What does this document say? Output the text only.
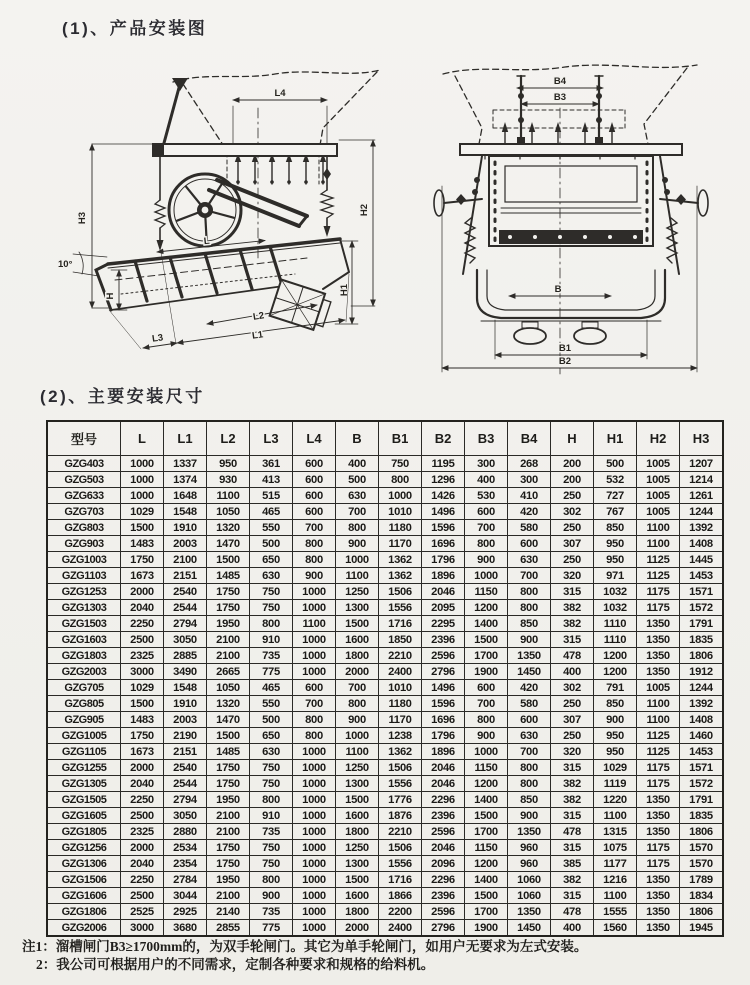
(1)、产品安装图
L4
H3
10°
H
H2
H1
L
L2
L3	L1
B4
B3
B
B1
B2
(2)、主要安装尺寸
型号	L	L1	L2	L3	L4	B	B1	B2	B3	B4	H	H1	H2	H3
GZG403	1000	1337	950	361	600	400	750	1195	300	268	200	500	1005	1207
GZG503	1000	1374	930	413	600	500	800	1296	400	300	200	532	1005	1214
GZG633	1000	1648	1100	515	600	630	1000	1426	530	410	250	727	1005	1261
GZG703	1029	1548	1050	465	600	700	1010	1496	600	420	302	767	1005	1244
GZG803	1500	1910	1320	550	700	800	1180	1596	700	580	250	850	1100	1392
GZG903	1483	2003	1470	500	800	900	1170	1696	800	600	307	950	1100	1408
GZG1003	1750	2100	1500	650	800	1000	1362	1796	900	630	250	950	1125	1445
GZG1103	1673	2151	1485	630	900	1100	1362	1896	1000	700	320	971	1125	1453
GZG1253	2000	2540	1750	750	1000	1250	1506	2046	1150	800	315	1032	1175	1571
GZG1303	2040	2544	1750	750	1000	1300	1556	2095	1200	800	382	1032	1175	1572
GZG1503	2250	2794	1950	800	1100	1500	1716	2295	1400	850	382	1110	1350	1791
GZG1603	2500	3050	2100	910	1000	1600	1850	2396	1500	900	315	1110	1350	1835
GZG1803	2325	2885	2100	735	1000	1800	2210	2596	1700	1350	478	1200	1350	1806
GZG2003	3000	3490	2665	775	1000	2000	2400	2796	1900	1450	400	1200	1350	1912
GZG705	1029	1548	1050	465	600	700	1010	1496	600	420	302	791	1005	1244
GZG805	1500	1910	1320	550	700	800	1180	1596	700	580	250	850	1100	1392
GZG905	1483	2003	1470	500	800	900	1170	1696	800	600	307	900	1100	1408
GZG1005	1750	2190	1500	650	800	1000	1238	1796	900	630	250	950	1125	1460
GZG1105	1673	2151	1485	630	1000	1100	1362	1896	1000	700	320	950	1125	1453
GZG1255	2000	2540	1750	750	1000	1250	1506	2046	1150	800	315	1029	1175	1571
GZG1305	2040	2544	1750	750	1000	1300	1556	2046	1200	800	382	1119	1175	1572
GZG1505	2250	2794	1950	800	1000	1500	1776	2296	1400	850	382	1220	1350	1791
GZG1605	2500	3050	2100	910	1000	1600	1876	2396	1500	900	315	1100	1350	1835
GZG1805	2325	2880	2100	735	1000	1800	2210	2596	1700	1350	478	1315	1350	1806
GZG1256	2000	2534	1750	750	1000	1250	1506	2046	1150	960	315	1075	1175	1570
GZG1306	2040	2354	1750	750	1000	1300	1556	2096	1200	960	385	1177	1175	1570
GZG1506	2250	2784	1950	800	1000	1500	1716	2296	1400	1060	382	1216	1350	1789
GZG1606	2500	3044	2100	900	1000	1600	1866	2396	1500	1060	315	1100	1350	1834
GZG1806	2525	2925	2140	735	1000	1800	2200	2596	1700	1350	478	1555	1350	1806
GZG2006	3000	3680	2855	775	1000	2000	2400	2796	1900	1450	400	1560	1350	1945

注1：溜槽闸门B3≥1700mm的，为双手轮闸门。其它为单手轮闸门，如用户无要求为左式安装。

2：我公司可根据用户的不同需求，定制各种要求和规格的给料机。
